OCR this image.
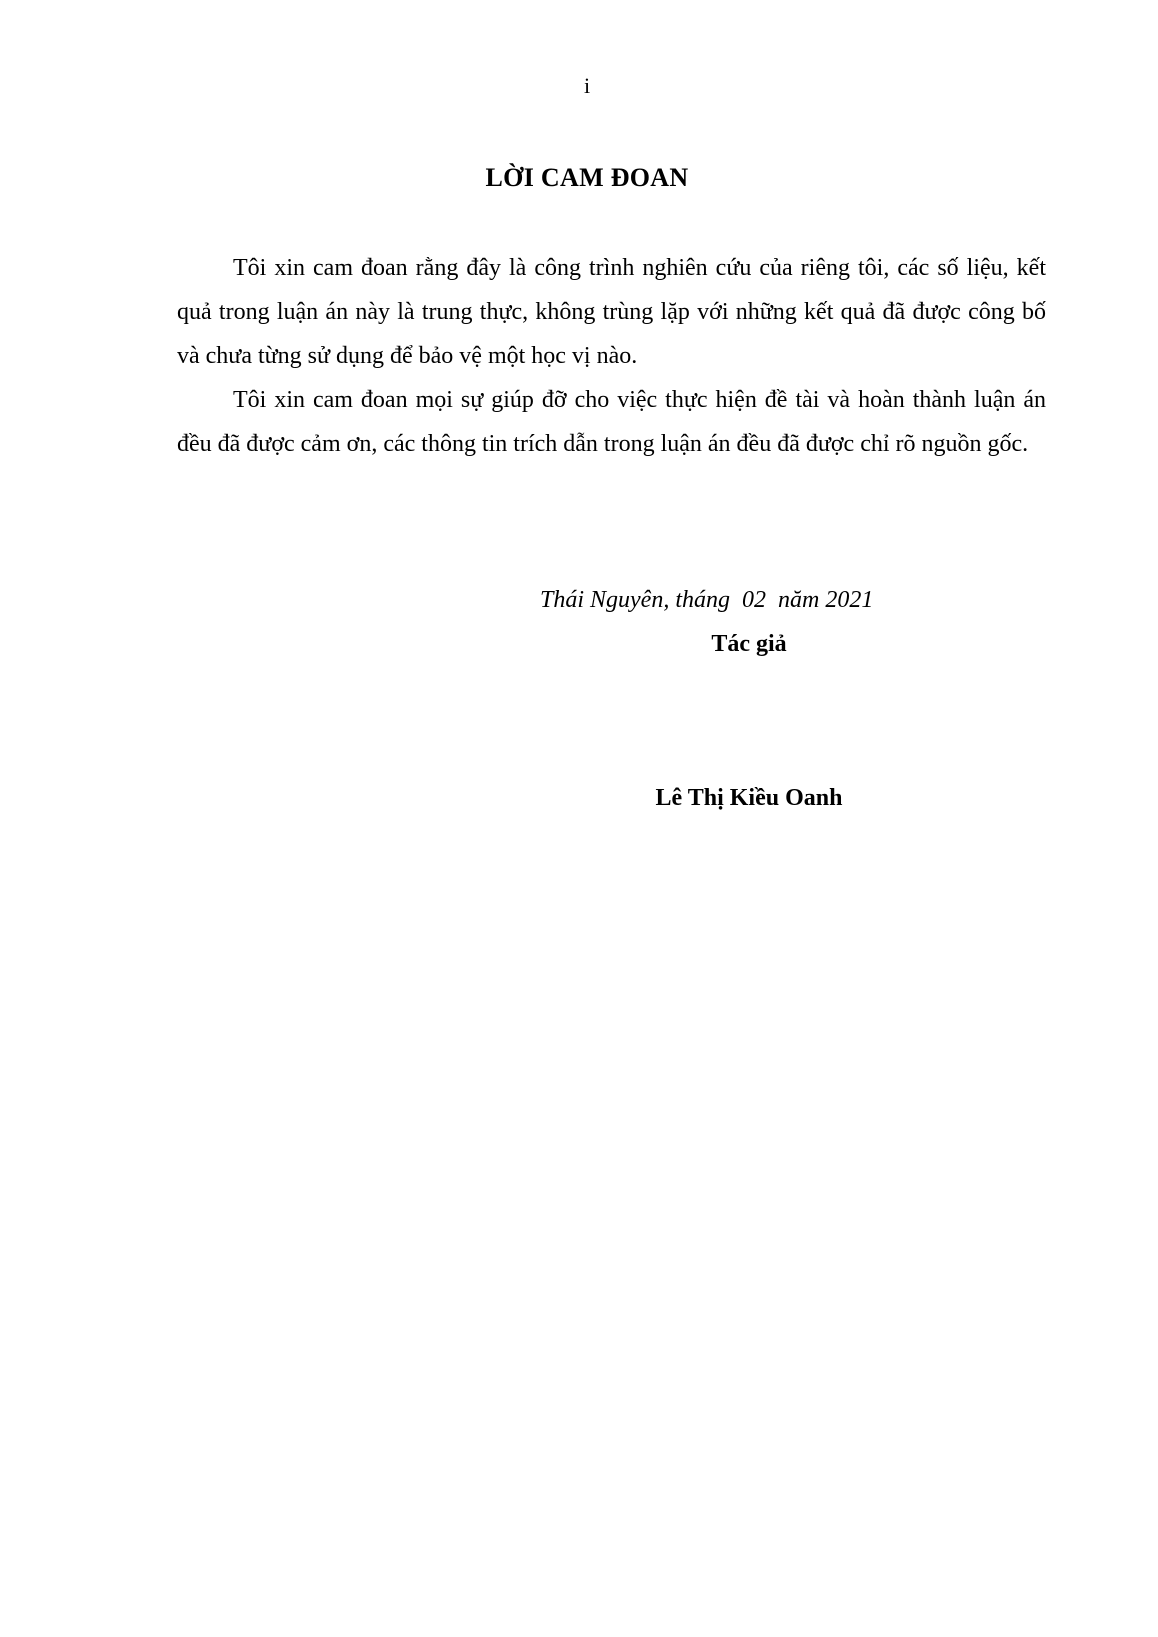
i
LỜI CAM ĐOAN

Tôi xin cam đoan rằng đây là công trình nghiên cứu của riêng tôi, các số liệu, kết quả trong luận án này là trung thực, không trùng lặp với những kết quả đã được công bố và chưa từng sử dụng để bảo vệ một học vị nào.

Tôi xin cam đoan mọi sự giúp đỡ cho việc thực hiện đề tài và hoàn thành luận án đều đã được cảm ơn, các thông tin trích dẫn trong luận án đều đã được chỉ rõ nguồn gốc.

Thái Nguyên, tháng  02  năm 2021
Tác giả
Lê Thị Kiều Oanh
